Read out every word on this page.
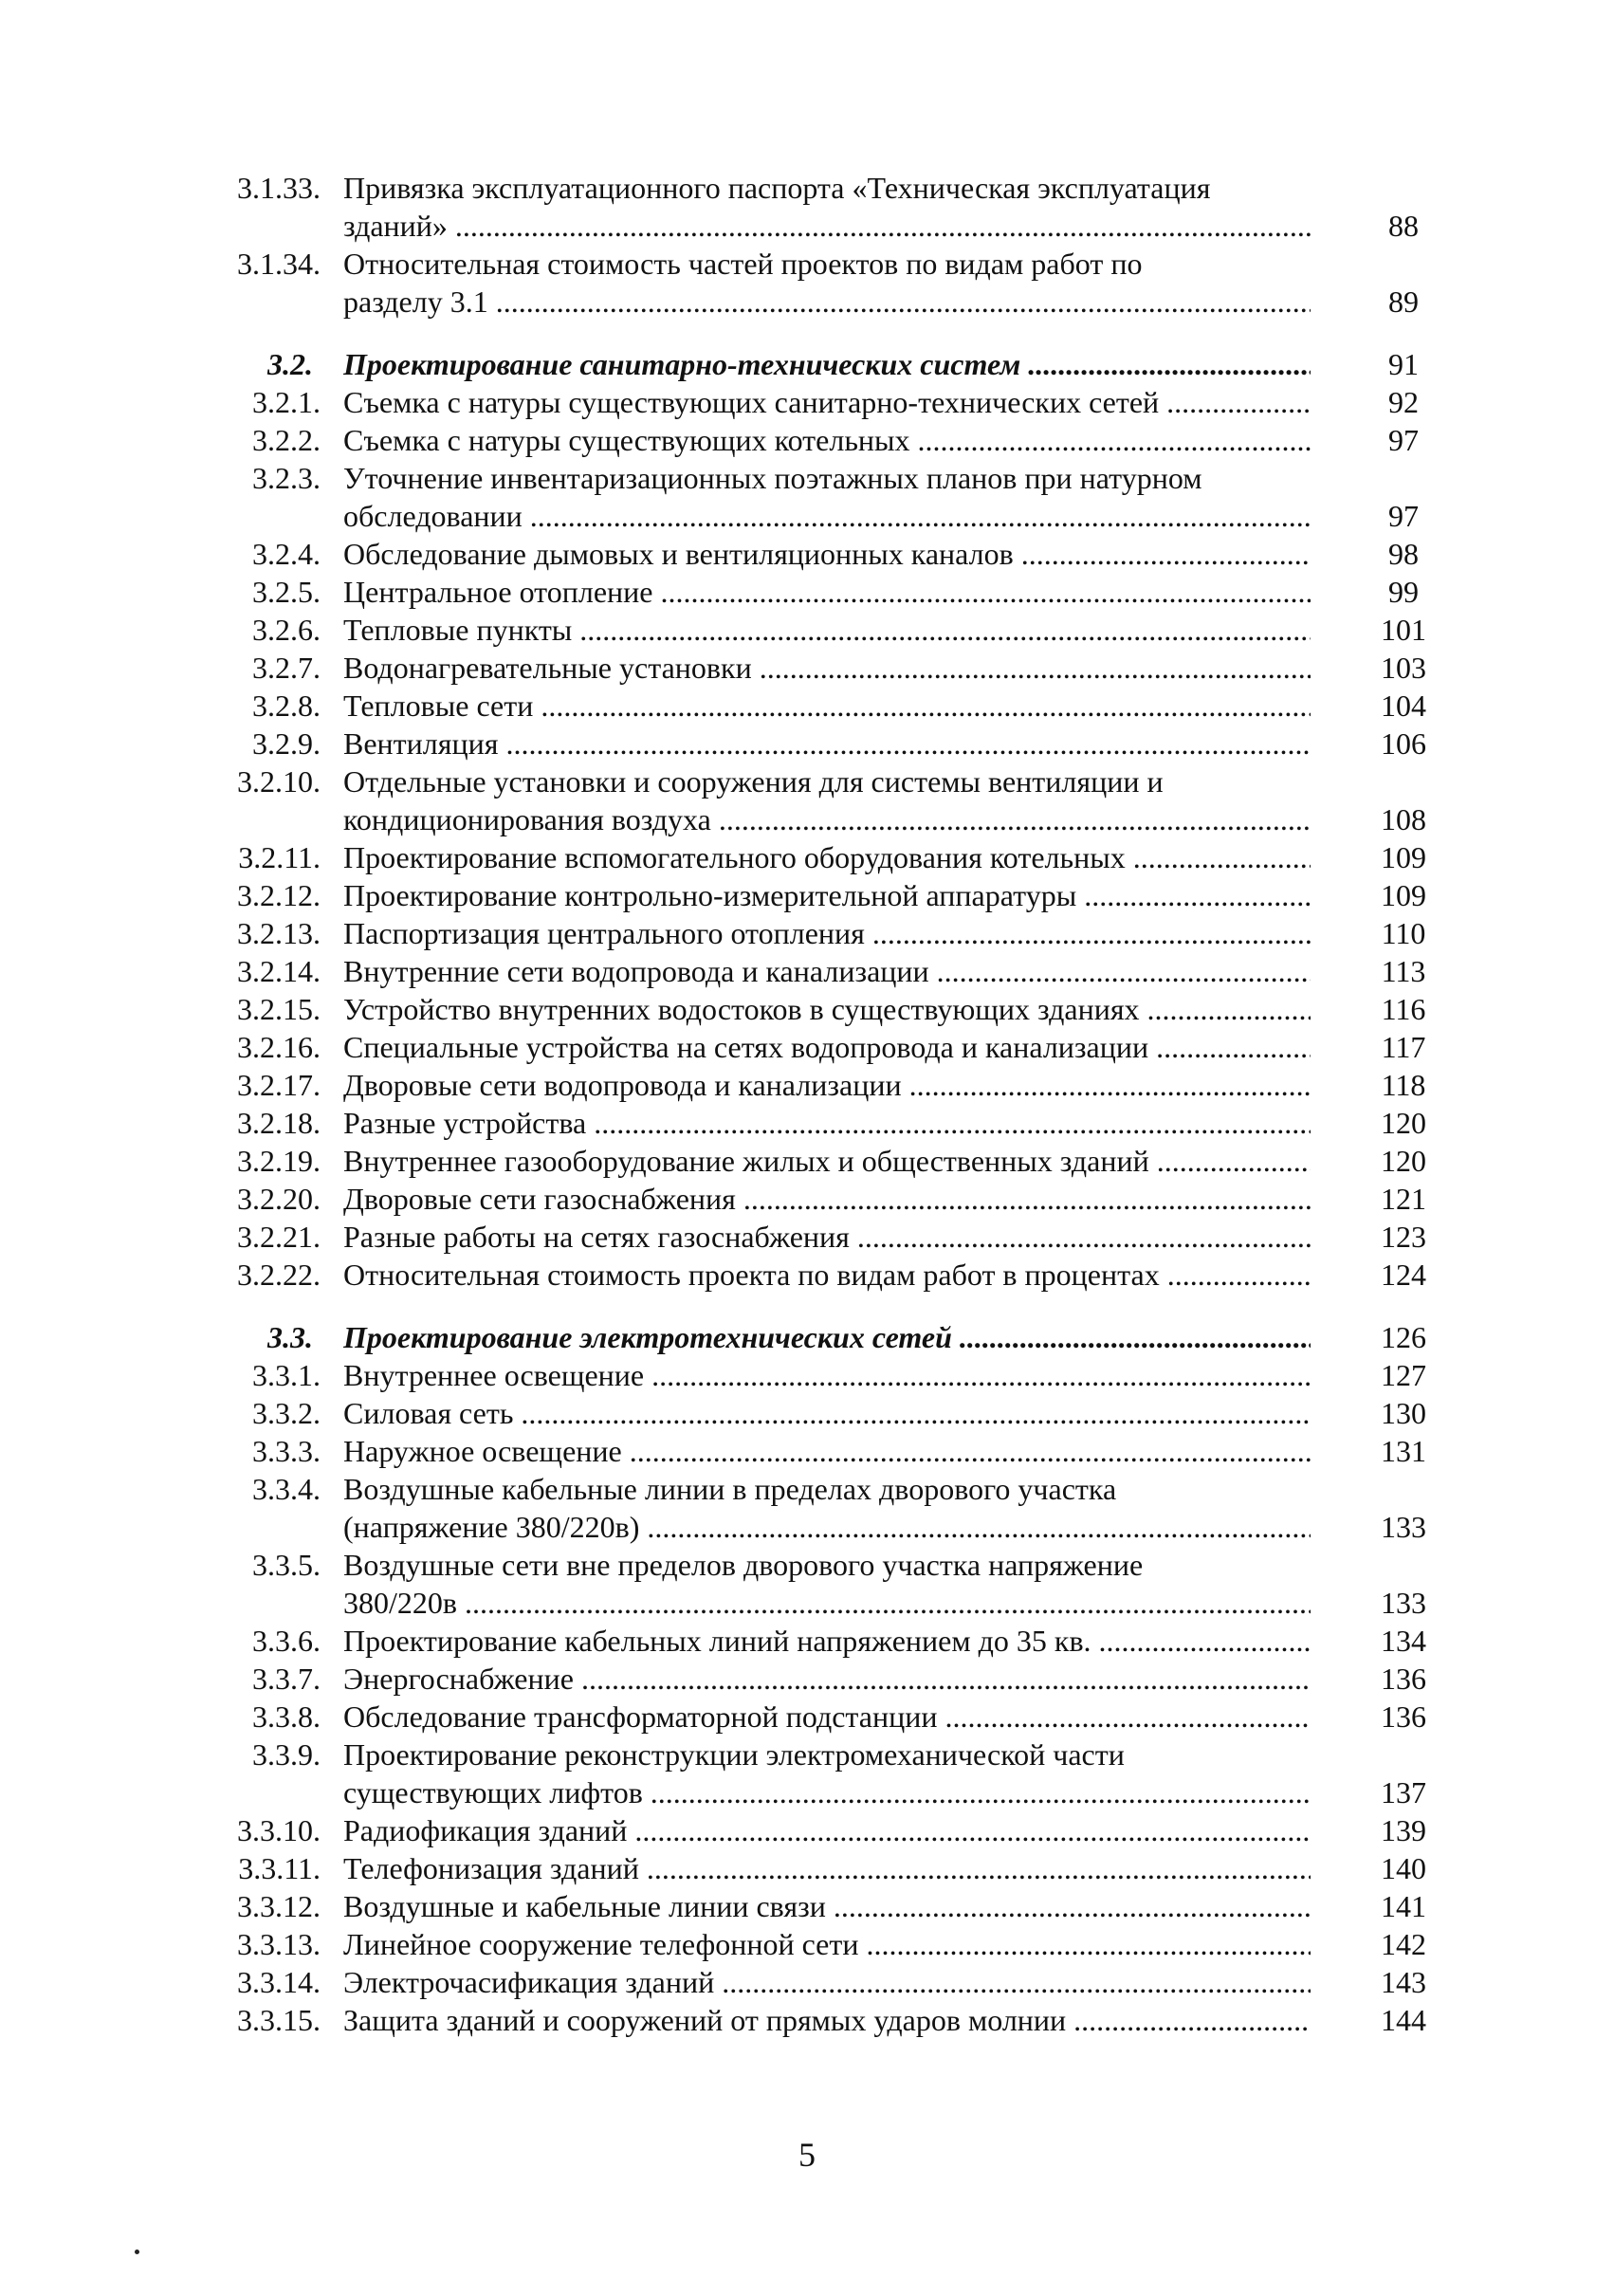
3.1.33. Привязка эксплуатационного паспорта «Техническая эксплуатация
зданий» .....	88
3.1.34. Относительная стоимость частей проектов по видам работ по
разделу 3.1 .....	89
3.2. Проектирование санитарно-технических систем .....	91
3.2.1. Съемка с натуры существующих санитарно-технических сетей .....	92
3.2.2. Съемка с натуры существующих котельных .....	97
3.2.3. Уточнение инвентаризационных поэтажных планов при натурном
обследовании .....	97
3.2.4. Обследование дымовых и вентиляционных каналов .....	98
3.2.5. Центральное отопление .....	99
3.2.6. Тепловые пункты .....	101
3.2.7. Водонагревательные установки .....	103
3.2.8. Тепловые сети .....	104
3.2.9. Вентиляция .....	106
3.2.10. Отдельные установки и сооружения для системы вентиляции и
кондиционирования воздуха .....	108
3.2.11. Проектирование вспомогательного оборудования котельных .....	109
3.2.12. Проектирование контрольно-измерительной аппаратуры .....	109
3.2.13. Паспортизация центрального отопления .....	110
3.2.14. Внутренние сети водопровода и канализации .....	113
3.2.15. Устройство внутренних водостоков в существующих зданиях .....	116
3.2.16. Специальные устройства на сетях водопровода и канализации .....	117
3.2.17. Дворовые сети водопровода и канализации .....	118
3.2.18. Разные устройства .....	120
3.2.19. Внутреннее газооборудование жилых и общественных зданий .....	120
3.2.20. Дворовые сети газоснабжения .....	121
3.2.21. Разные работы на сетях газоснабжения .....	123
3.2.22. Относительная стоимость проекта по видам работ в процентах .....	124
3.3. Проектирование электротехнических сетей .....	126
3.3.1. Внутреннее освещение .....	127
3.3.2. Силовая сеть .....	130
3.3.3. Наружное освещение .....	131
3.3.4. Воздушные кабельные линии в пределах дворового участка
(напряжение 380/220в) .....	133
3.3.5. Воздушные сети вне пределов дворового участка напряжение
380/220в .....	133
3.3.6. Проектирование кабельных линий напряжением до 35 кв. .....	134
3.3.7. Энергоснабжение .....	136
3.3.8. Обследование трансформаторной подстанции .....	136
3.3.9. Проектирование реконструкции электромеханической части
существующих лифтов .....	137
3.3.10. Радиофикация зданий .....	139
3.3.11. Телефонизация зданий .....	140
3.3.12. Воздушные и кабельные линии связи .....	141
3.3.13. Линейное сооружение телефонной сети .....	142
3.3.14. Электрочасификация зданий .....	143
3.3.15. Защита зданий и сооружений от прямых ударов молнии .....	144
5
